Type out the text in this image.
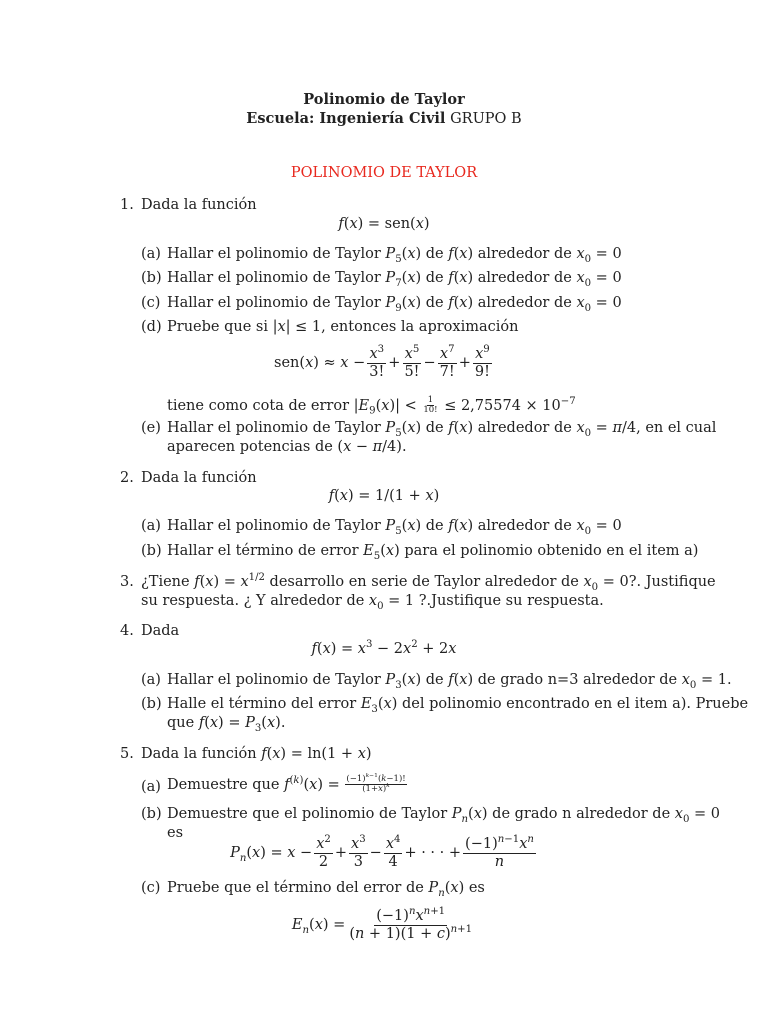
Polinomio de Taylor
Escuela: Ingeniería Civil GRUPO B
POLINOMIO DE TAYLOR
1. Dada la función
f(x) = sen(x)
(a) Hallar el polinomio de Taylor $P_5(x)$ de f(x) alrededor de $x_0 = 0$
(b) Hallar el polinomio de Taylor $P_7(x)$ de f(x) alrededor de $x_0 = 0$
(c) Hallar el polinomio de Taylor $P_9(x)$ de f(x) alrededor de $x_0 = 0$
(d) Pruebe que si |x| ≤ 1, entonces la aproximación
$sen(x) \approx x - \frac{x^3}{3!} + \frac{x^5}{5!} - \frac{x^7}{7!} + \frac{x^9}{9!}$
tiene como cota de error $|E_9(x)| < \frac{1}{10!} \le 2,75574 \times 10^{-7}$
(e) Hallar el polinomio de Taylor $P_5(x)$ de f(x) alrededor de $x_0 = \pi/4$, en el cual
aparecen potencias de (x − π/4).
2. Dada la función
f(x) = 1/(1 + x)
(a) Hallar el polinomio de Taylor $P_5(x)$ de f(x) alrededor de $x_0 = 0$
(b) Hallar el término de error $E_5(x)$ para el polinomio obtenido en el item a)
3. ¿Tiene $f(x) = x^{1/2}$ desarrollo en serie de Taylor alrededor de $x_0 = 0$?. Justifique
su respuesta. ¿ Y alrededor de $x_0 = 1$ ?.Justifique su respuesta.
4. Dada
$f(x) = x^3 - 2x^2 + 2x$
(a) Hallar el polinomio de Taylor $P_3(x)$ de f(x) de grado n=3 alrededor de $x_0 = 1$.
(b) Halle el término del error $E_3(x)$ del polinomio encontrado en el item a). Pruebe
que $f(x) = P_3(x)$.
5. Dada la función f(x) = ln(1 + x)
(a) Demuestre que $f^{(k)}(x) = \frac{(-1)^{k-1}(k-1)!}{(1+x)^k}$
(b) Demuestre que el polinomio de Taylor $P_n(x)$ de grado n alrededor de $x_0 = 0$
es
$P_n(x) = x - \frac{x^2}{2} + \frac{x^3}{3} - \frac{x^4}{4}$ + · · · + $\frac{(-1)^{n-1}x^n}{n}$
(c) Pruebe que el término del error de $P_n(x)$ es
$E_n(x) = \frac{(-1)^nx^{n+1}}{(n + 1)(1 + c)^{n+1}}$
